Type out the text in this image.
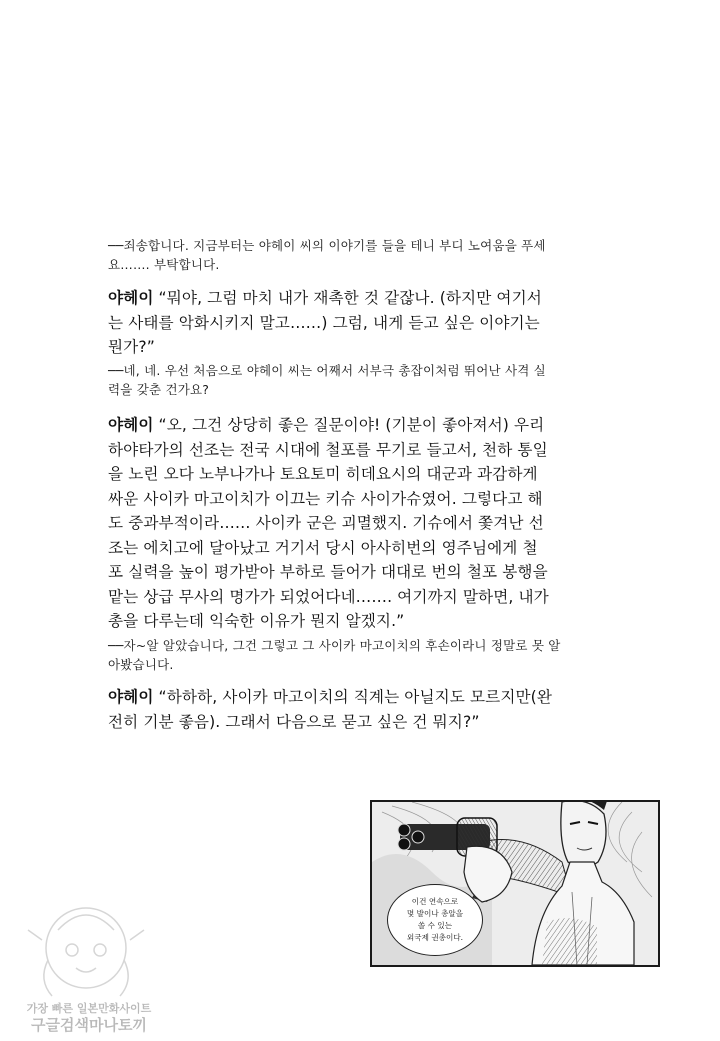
──죄송합니다. 지금부터는 야헤이 씨의 이야기를 들을 테니 부디 노여움을 푸세
요……. 부탁합니다.
야헤이 “뭐야, 그럼 마치 내가 재촉한 것 같잖나. (하지만 여기서
는 사태를 악화시키지 말고……) 그럼, 내게 듣고 싶은 이야기는
뭔가?”
──네, 네. 우선 처음으로 야헤이 씨는 어째서 서부극 총잡이처럼 뛰어난 사격 실
력을 갖춘 건가요?
야헤이 “오, 그건 상당히 좋은 질문이야! (기분이 좋아져서) 우리
하야타가의 선조는 전국 시대에 철포를 무기로 들고서, 천하 통일
을 노린 오다 노부나가나 토요토미 히데요시의 대군과 과감하게
싸운 사이카 마고이치가 이끄는 키슈 사이가슈였어. 그렇다고 해
도 중과부적이라…… 사이카 군은 괴멸했지. 기슈에서 쫓겨난 선
조는 에치고에 달아났고 거기서 당시 아사히번의 영주님에게 철
포 실력을 높이 평가받아 부하로 들어가 대대로 번의 철포 봉행을
맡는 상급 무사의 명가가 되었어다네……. 여기까지 말하면, 내가
총을 다루는데 익숙한 이유가 뭔지 알겠지.”
──자~알 알았습니다, 그건 그렇고 그 사이카 마고이치의 후손이라니 정말로 못 알
아봤습니다.
야헤이 “하하하, 사이카 마고이치의 직계는 아닐지도 모르지만(완
전히 기분 좋음). 그래서 다음으로 묻고 싶은 건 뭐지?”
이건 연속으로
몇 발이나 총알을
쏠 수 있는
외국제 권총이다.
가장 빠른 일본만화사이트
구글검색마나토끼
